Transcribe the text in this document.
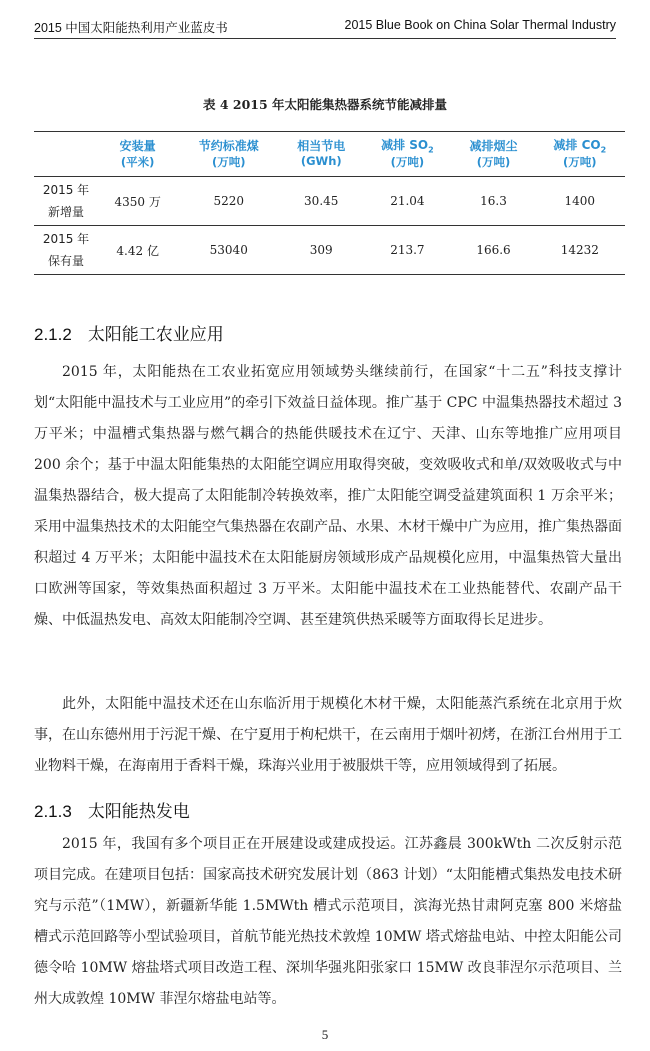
2015 中国太阳能热利用产业蓝皮书	2015 Blue Book on China Solar Thermal Industry
表 4 2015 年太阳能集热器系统节能减排量
	安装量	节约标准煤	相当节电	减排 $SO_2$	减排烟尘	减排 $CO_2$
	(平米)	(万吨)	(GWh)	(万吨)	(万吨)	(万吨)
2015 年
新增量	4350 万	5220	30.45	21.04	16.3	1400
2015 年
保有量	4.42 亿	53040	309	213.7	166.6	14232
2.1.2 太阳能工农业应用

2015 年，太阳能热在工农业拓宽应用领域势头继续前行，在国家“十二五”科技支撑计划“太阳能中温技术与工业应用”的牵引下效益日益体现。推广基于 CPC 中温集热器技术超过 3 万平米；中温槽式集热器与燃气耦合的热能供暖技术在辽宁、天津、山东等地推广应用项目 200 余个；基于中温太阳能集热的太阳能空调应用取得突破，变效吸收式和单/双效吸收式与中温集热器结合，极大提高了太阳能制冷转换效率，推广太阳能空调受益建筑面积 1 万余平米；采用中温集热技术的太阳能空气集热器在农副产品、水果、木材干燥中广为应用，推广集热器面积超过 4 万平米；太阳能中温技术在太阳能厨房领域形成产品规模化应用，中温集热管大量出口欧洲等国家，等效集热面积超过 3 万平米。太阳能中温技术在工业热能替代、农副产品干燥、中低温热发电、高效太阳能制冷空调、甚至建筑供热采暖等方面取得长足进步。

此外，太阳能中温技术还在山东临沂用于规模化木材干燥，太阳能蒸汽系统在北京用于炊事，在山东德州用于污泥干燥、在宁夏用于枸杞烘干，在云南用于烟叶初烤，在浙江台州用于工业物料干燥，在海南用于香料干燥，珠海兴业用于被服烘干等，应用领域得到了拓展。

2.1.3 太阳能热发电

2015 年，我国有多个项目正在开展建设或建成投运。江苏鑫晨 300kWth 二次反射示范项目完成。在建项目包括：国家高技术研究发展计划（863 计划）“太阳能槽式集热发电技术研究与示范”（1MW），新疆新华能 1.5MWth 槽式示范项目，滨海光热甘肃阿克塞 800 米熔盐槽式示范回路等小型试验项目，首航节能光热技术敦煌 10MW 塔式熔盐电站、中控太阳能公司德令哈 10MW 熔盐塔式项目改造工程、深圳华强兆阳张家口 15MW 改良菲涅尔示范项目、兰州大成敦煌 10MW 菲涅尔熔盐电站等。

5
